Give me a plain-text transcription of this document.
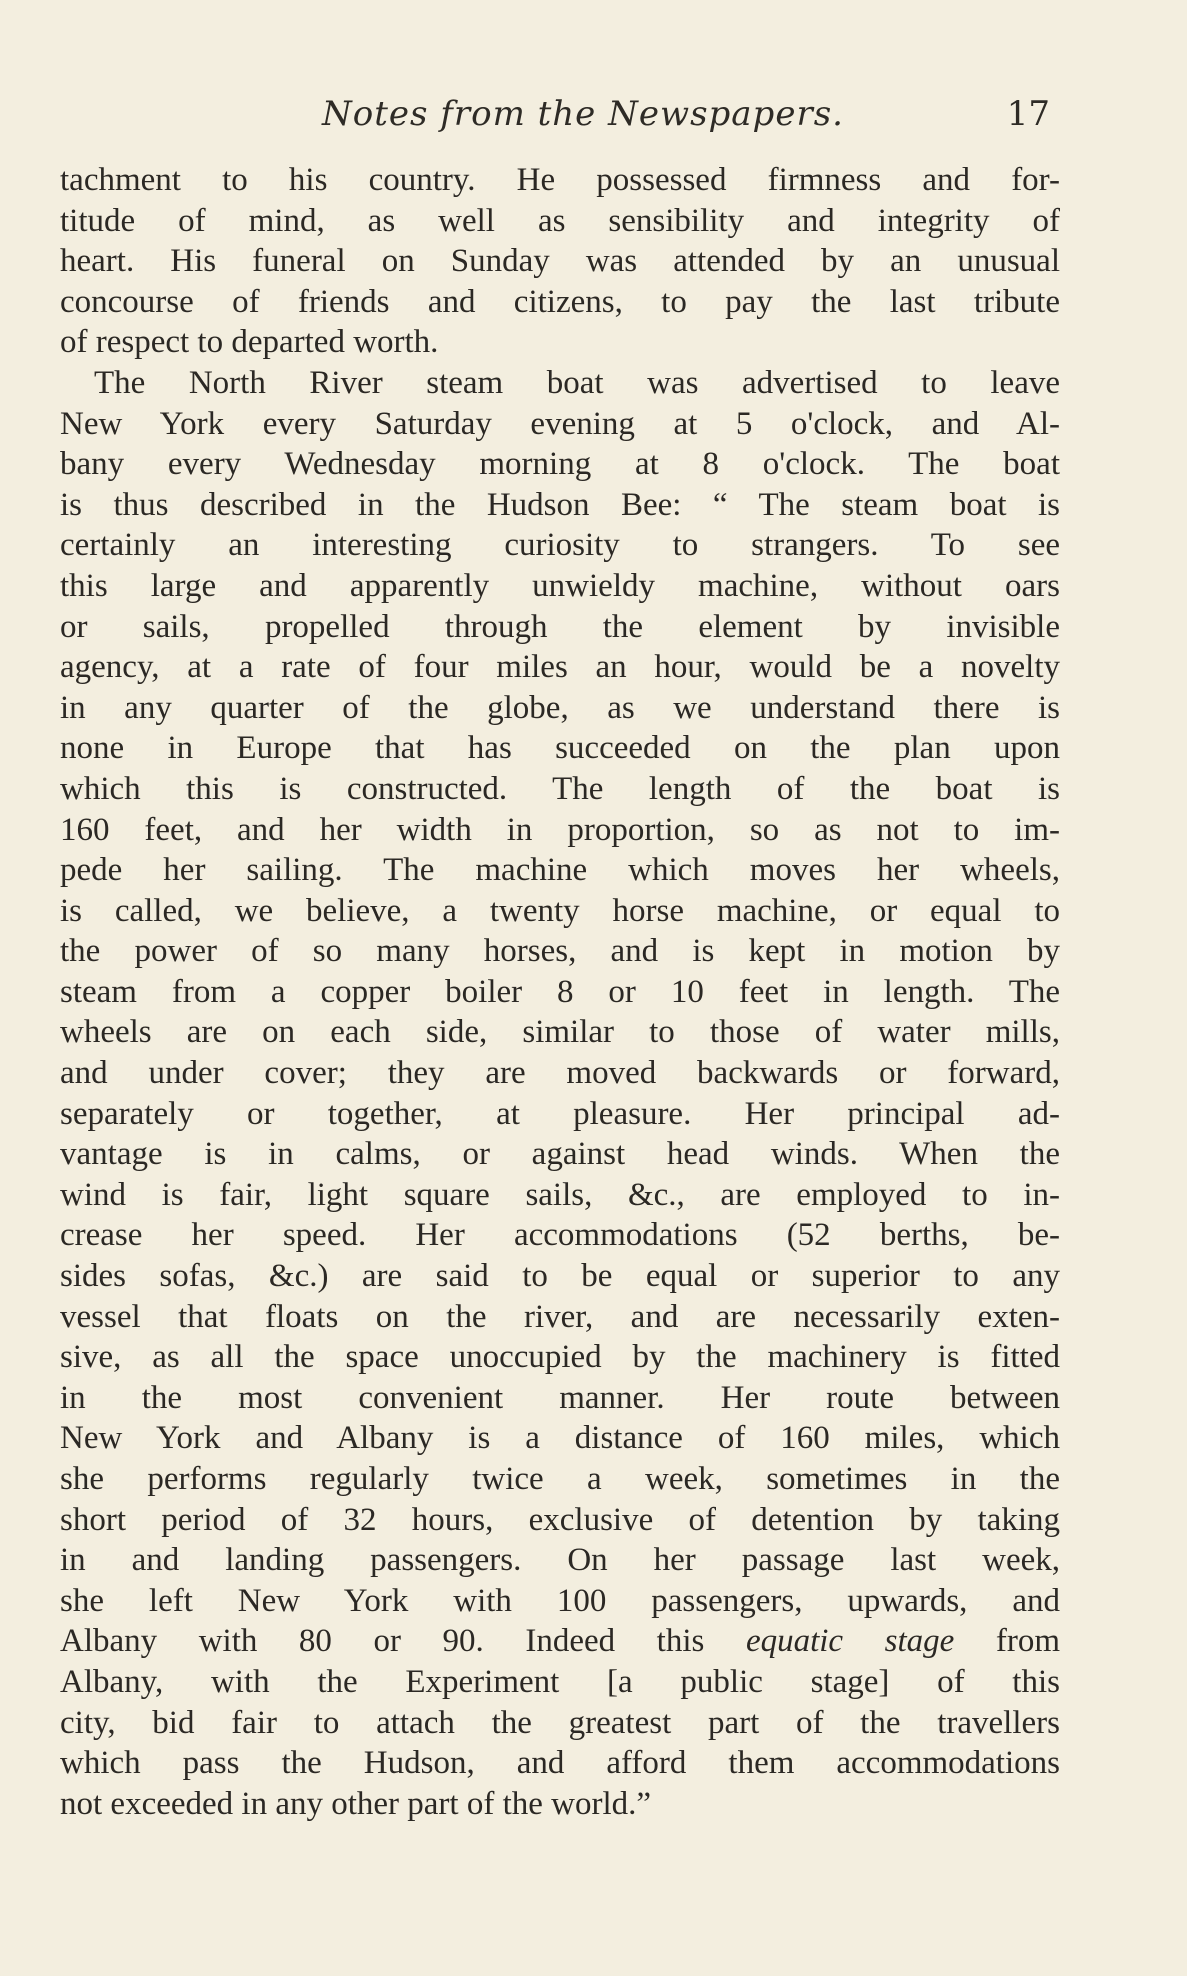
Notes from the Newspapers.	17
tachment to his country. He possessed firmness and for-
titude of mind, as well as sensibility and integrity of
heart. His funeral on Sunday was attended by an unusual
concourse of friends and citizens, to pay the last tribute
of respect to departed worth.
The North River steam boat was advertised to leave
New York every Saturday evening at 5 o'clock, and Al-
bany every Wednesday morning at 8 o'clock. The boat
is thus described in the Hudson Bee: “ The steam boat is
certainly an interesting curiosity to strangers. To see
this large and apparently unwieldy machine, without oars
or sails, propelled through the element by invisible
agency, at a rate of four miles an hour, would be a novelty
in any quarter of the globe, as we understand there is
none in Europe that has succeeded on the plan upon
which this is constructed. The length of the boat is
160 feet, and her width in proportion, so as not to im-
pede her sailing. The machine which moves her wheels,
is called, we believe, a twenty horse machine, or equal to
the power of so many horses, and is kept in motion by
steam from a copper boiler 8 or 10 feet in length. The
wheels are on each side, similar to those of water mills,
and under cover; they are moved backwards or forward,
separately or together, at pleasure. Her principal ad-
vantage is in calms, or against head winds. When the
wind is fair, light square sails, &c., are employed to in-
crease her speed. Her accommodations (52 berths, be-
sides sofas, &c.) are said to be equal or superior to any
vessel that floats on the river, and are necessarily exten-
sive, as all the space unoccupied by the machinery is fitted
in the most convenient manner. Her route between
New York and Albany is a distance of 160 miles, which
she performs regularly twice a week, sometimes in the
short period of 32 hours, exclusive of detention by taking
in and landing passengers. On her passage last week,
she left New York with 100 passengers, upwards, and
Albany with 80 or 90. Indeed this equatic stage from
Albany, with the Experiment [a public stage] of this
city, bid fair to attach the greatest part of the travellers
which pass the Hudson, and afford them accommodations
not exceeded in any other part of the world.”
